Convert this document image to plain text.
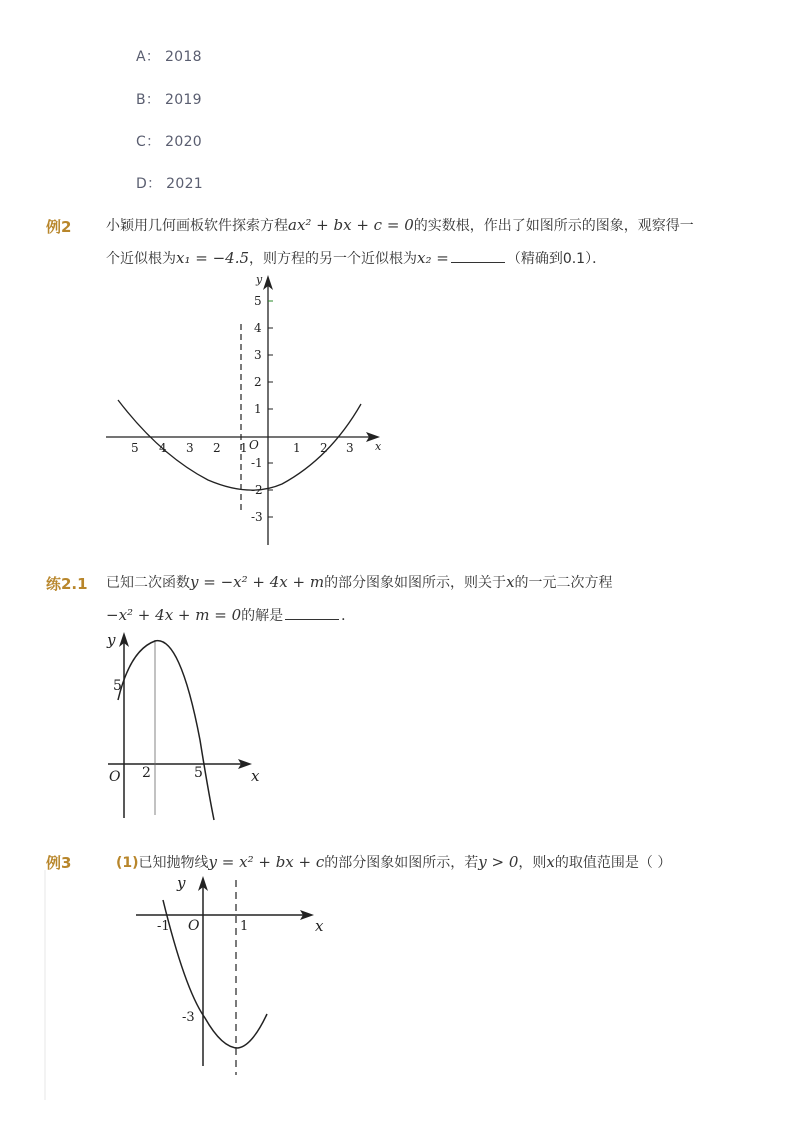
A： 2018
B： 2019
C： 2020
D： 2021
例2 小颖用几何画板软件探索方程ax² + bx + c = 0的实数根，作出了如图所示的图象，观察得一
个近似根为x₁ = −4.5，则方程的另一个近似根为x₂ =	（精确到0.1）．
5
4
3
2
1
-1
-2
-3
5 4 3 2 1	1 2 3
O
y
x
练2.1 已知二次函数y = −x² + 4x + m的部分图象如图所示，则关于x的一元二次方程
−x² + 4x + m = 0的解是	．
y
x
O
5
2	5
例3	(1)已知抛物线y = x² + bx + c的部分图象如图所示，若y > 0，则x的取值范围是（ ）
y
x
O
-1	1
-3
